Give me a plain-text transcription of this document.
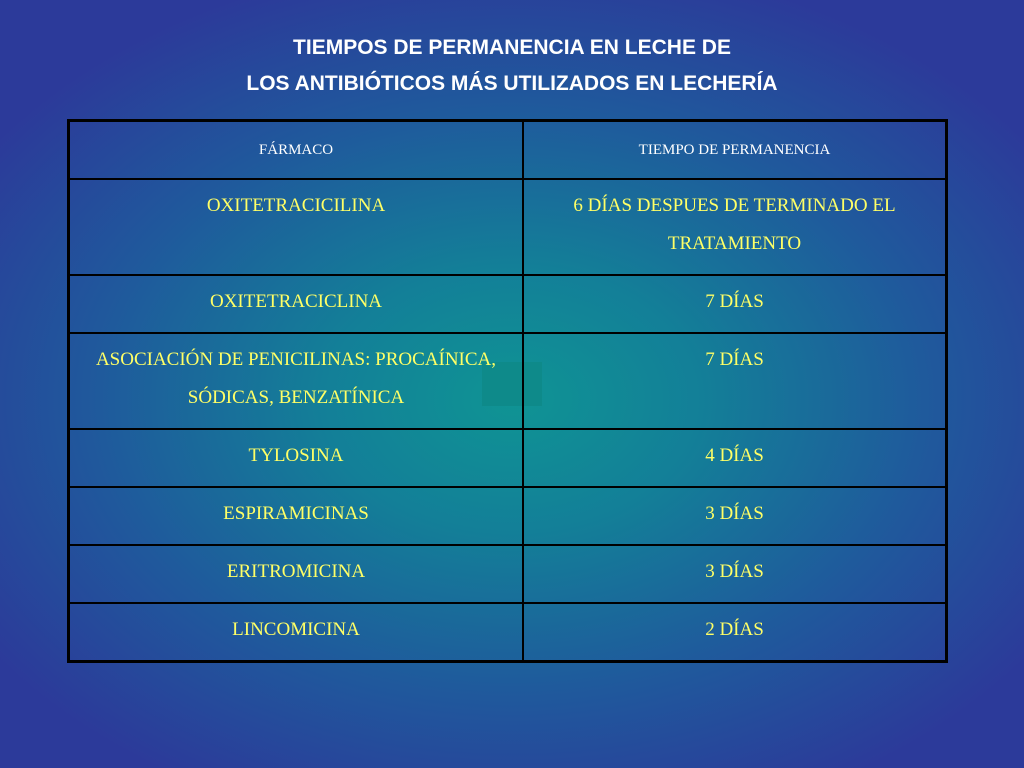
TIEMPOS DE PERMANENCIA EN LECHE DE
LOS ANTIBIÓTICOS MÁS UTILIZADOS EN LECHERÍA
FÁRMACO	TIEMPO DE PERMANENCIA
OXITETRACICILINA	6 DÍAS DESPUES DE TERMINADO EL TRATAMIENTO
OXITETRACICLINA	7 DÍAS
ASOCIACIÓN DE PENICILINAS: PROCAÍNICA, SÓDICAS, BENZATÍNICA	7 DÍAS
TYLOSINA	4 DÍAS
ESPIRAMICINAS	3 DÍAS
ERITROMICINA	3 DÍAS
LINCOMICINA	2 DÍAS
